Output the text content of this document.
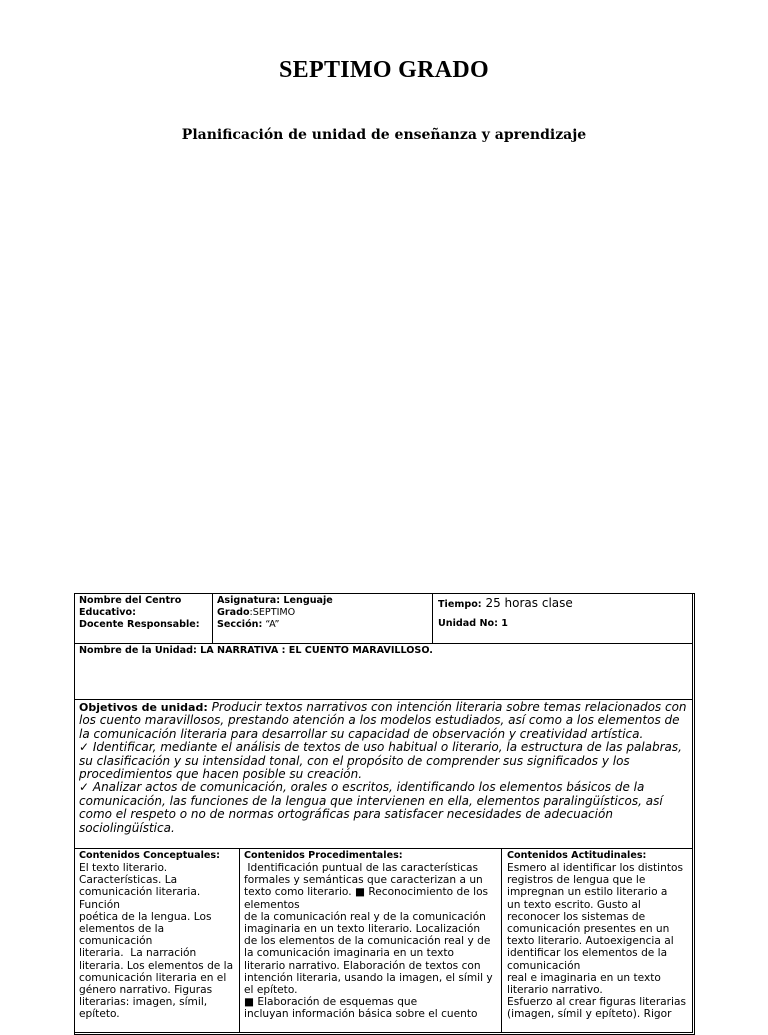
SEPTIMO GRADO
Planificación de unidad de enseñanza y aprendizaje
Nombre del Centro
Educativo:
Docente Responsable:
Asignatura: Lenguaje
Grado:SEPTIMO
Sección: “A”
Tiempo: 25 horas clase
Unidad No: 1
Nombre de la Unidad: LA NARRATIVA : EL CUENTO MARAVILLOSO.
Objetivos de unidad: Producir textos narrativos con intención literaria sobre temas relacionados con los cuento maravillosos, prestando atención a los modelos estudiados, así como a los elementos de la comunicación literaria para desarrollar su capacidad de observación y creatividad artística.
✓ Identificar, mediante el análisis de textos de uso habitual o literario, la estructura de las palabras, su clasificación y su intensidad tonal, con el propósito de comprender sus significados y los procedimientos que hacen posible su creación.
✓ Analizar actos de comunicación, orales o escritos, identificando los elementos básicos de la comunicación, las funciones de la lengua que intervienen en ella, elementos paralingüísticos, así como el respeto o no de normas ortográficas para satisfacer necesidades de adecuación sociolingüística.
Contenidos Conceptuales:
El texto literario.
Características. La
comunicación literaria.
Función
poética de la lengua. Los
elementos de la
comunicación
literaria.  La narración
literaria. Los elementos de la
comunicación literaria en el
género narrativo. Figuras
literarias: imagen, símil,
epíteto.
Contenidos Procedimentales:
Identificación puntual de las características
formales y semánticas que caracterizan a un
texto como literario. ■ Reconocimiento de los
elementos
de la comunicación real y de la comunicación
imaginaria en un texto literario. Localización
de los elementos de la comunicación real y de
la comunicación imaginaria en un texto
literario narrativo. Elaboración de textos con
intención literaria, usando la imagen, el símil y
el epíteto.
■ Elaboración de esquemas que
incluyan información básica sobre el cuento
Contenidos Actitudinales:
Esmero al identificar los distintos
registros de lengua que le
impregnan un estilo literario a
un texto escrito. Gusto al
reconocer los sistemas de
comunicación presentes en un
texto literario. Autoexigencia al
identificar los elementos de la
comunicación
real e imaginaria en un texto
literario narrativo.
Esfuerzo al crear figuras literarias
(imagen, símil y epíteto). Rigor
